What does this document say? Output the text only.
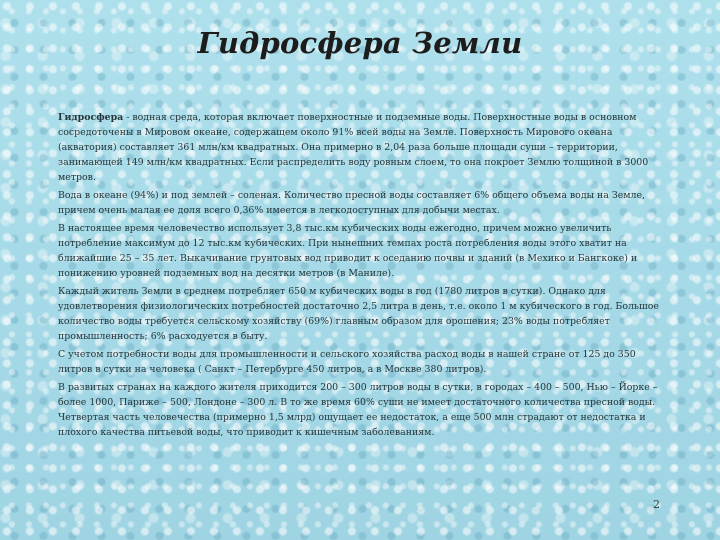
Гидросфера Земли

Гидросфера - водная среда, которая включает поверхностные и подземные воды. Поверхностные воды в основном сосредоточены в Мировом океане, содержащем около 91% всей воды на Земле. Поверхность Мирового океана (акватория) составляет 361 млн/км квадратных. Она примерно в 2,04 раза больше площади суши – территории, занимающей 149 млн/км квадратных. Если распределить воду ровным слоем, то она покроет Землю толщиной в 3000 метров.

Вода в океане (94%) и под землей – соленая. Количество пресной воды составляет 6% общего объема воды на Земле, причем очень малая ее доля всего 0,36% имеется в легкодоступных для добычи местах.

В настоящее время человечество использует 3,8 тыс.км кубических воды ежегодно, причем можно увеличить потребление максимум до 12 тыс.км кубических. При нынешних темпах роста потребления воды этого хватит на ближайшие 25 – 35 лет. Выкачивание грунтовых вод приводит к оседанию почвы и зданий (в Мехико и Бангкоке) и понижению уровней подземных вод на десятки метров (в Маниле).

Каждый житель Земли в среднем потребляет 650 м кубических воды в год (1780 литров в сутки). Однако для удовлетворения физиологических потребностей достаточно 2,5 литра в день, т.е. около 1 м кубического в год. Большое количество воды требуется сельскому хозяйству (69%) главным образом для орошения; 23% воды потребляет промышленность; 6% расходуется в быту.

С учетом потребности воды для промышленности и сельского хозяйства расход воды в нашей стране от 125 до 350 литров в сутки на человека ( Санкт – Петербурге 450 литров, а в Москве 380 литров).

В развитых странах на каждого жителя приходится 200 – 300 литров воды в сутки, в городах – 400 – 500, Нью – Йорке – более 1000, Париже – 500, Лондоне – 300 л. В то же время 60% суши не имеет достаточного количества пресной воды. Четвертая часть человечества (примерно 1,5 млрд) ощущает ее недостаток, а еще 500 млн страдают от недостатка и плохого качества питьевой воды, что приводит к кишечным заболеваниям.

2
